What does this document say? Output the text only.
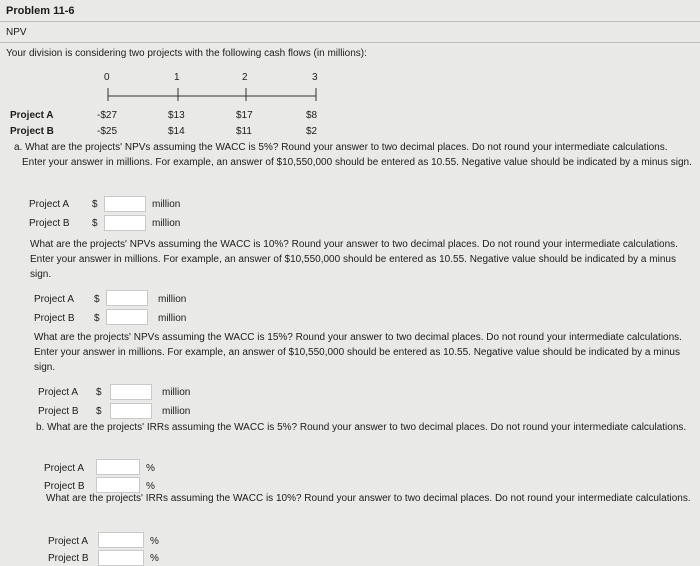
Problem 11-6
NPV
Your division is considering two projects with the following cash flows (in millions):
0	1	2	3
Project A	-$27	$13	$17	$8
Project B	-$25	$14	$11	$2
a. What are the projects' NPVs assuming the WACC is 5%? Round your answer to two decimal places. Do not round your intermediate calculations. Enter your answer in millions. For example, an answer of $10,550,000 should be entered as 10.55. Negative value should be indicated by a minus sign.
Project A $	million
Project B $	million
What are the projects' NPVs assuming the WACC is 10%? Round your answer to two decimal places. Do not round your intermediate calculations. Enter your answer in millions. For example, an answer of $10,550,000 should be entered as 10.55. Negative value should be indicated by a minus sign.
Project A $	million
Project B $	million
What are the projects' NPVs assuming the WACC is 15%? Round your answer to two decimal places. Do not round your intermediate calculations. Enter your answer in millions. For example, an answer of $10,550,000 should be entered as 10.55. Negative value should be indicated by a minus sign.
Project A $	million
Project B $	million
b. What are the projects' IRRs assuming the WACC is 5%? Round your answer to two decimal places. Do not round your intermediate calculations.
Project A	%
Project B	%
What are the projects' IRRs assuming the WACC is 10%? Round your answer to two decimal places. Do not round your intermediate calculations.
Project A	%
Project B	%
